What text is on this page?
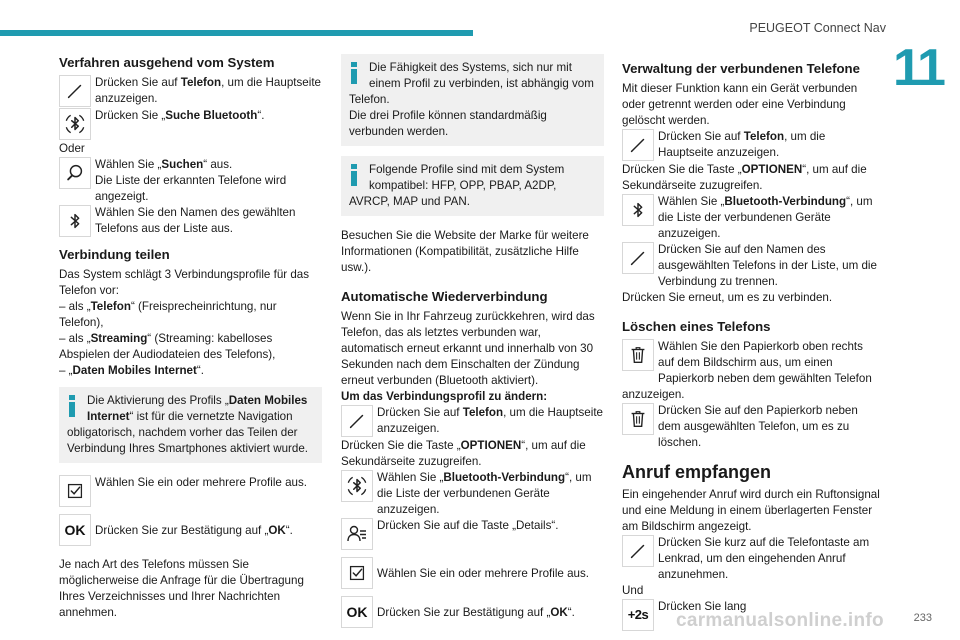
PEUGEOT Connect Nav
11
Verfahren ausgehend vom System
Drücken Sie auf Telefon, um die Hauptseite anzuzeigen.
Drücken Sie „Suche Bluetooth“.

Oder

Wählen Sie „Suchen“ aus.
Die Liste der erkannten Telefone wird angezeigt.
Wählen Sie den Namen des gewählten Telefons aus der Liste aus.
Verbindung teilen

Das System schlägt 3 Verbindungsprofile für das Telefon vor:

– als „Telefon“ (Freisprecheinrichtung, nur Telefon),

– als „Streaming“ (Streaming: kabelloses Abspielen der Audiodateien des Telefons),

– „Daten Mobiles Internet“.

Die Aktivierung des Profils „Daten Mobiles Internet“ ist für die vernetzte Navigation obligatorisch, nachdem vorher das Teilen der Verbindung Ihres Smartphones aktiviert wurde.
Wählen Sie ein oder mehrere Profile aus.
OK Drücken Sie zur Bestätigung auf „OK“.

Je nach Art des Telefons müssen Sie möglicherweise die Anfrage für die Übertragung Ihres Verzeichnisses und Ihrer Nachrichten annehmen.

Die Fähigkeit des Systems, sich nur mit einem Profil zu verbinden, ist abhängig vom Telefon.
Die drei Profile können standardmäßig verbunden werden.
Folgende Profile sind mit dem System kompatibel: HFP, OPP, PBAP, A2DP, AVRCP, MAP und PAN.

Besuchen Sie die Website der Marke für weitere Informationen (Kompatibilität, zusätzliche Hilfe usw.).

Automatische Wiederverbindung

Wenn Sie in Ihr Fahrzeug zurückkehren, wird das Telefon, das als letztes verbunden war, automatisch erneut erkannt und innerhalb von 30 Sekunden nach dem Einschalten der Zündung erneut verbunden (Bluetooth aktiviert).

Um das Verbindungsprofil zu ändern:

Drücken Sie auf Telefon, um die Hauptseite anzuzeigen.

Drücken Sie die Taste „OPTIONEN“, um auf die Sekundärseite zuzugreifen.

Wählen Sie „Bluetooth-Verbindung“, um die Liste der verbundenen Geräte anzuzeigen.
Drücken Sie auf die Taste „Details“.
Wählen Sie ein oder mehrere Profile aus.
OK Drücken Sie zur Bestätigung auf „OK“.
Verwaltung der verbundenen Telefone

Mit dieser Funktion kann ein Gerät verbunden oder getrennt werden oder eine Verbindung gelöscht werden.

Drücken Sie auf Telefon, um die Hauptseite anzuzeigen.

Drücken Sie die Taste „OPTIONEN“, um auf die Sekundärseite zuzugreifen.

Wählen Sie „Bluetooth-Verbindung“, um die Liste der verbundenen Geräte anzuzeigen.
Drücken Sie auf den Namen des ausgewählten Telefons in der Liste, um die Verbindung zu trennen.

Drücken Sie erneut, um es zu verbinden.

Löschen eines Telefons
Wählen Sie den Papierkorb oben rechts auf dem Bildschirm aus, um einen Papierkorb neben dem gewählten Telefon anzuzeigen.
Drücken Sie auf den Papierkorb neben dem ausgewählten Telefon, um es zu löschen.
Anruf empfangen

Ein eingehender Anruf wird durch ein Ruftonsignal und eine Meldung in einem überlagerten Fenster am Bildschirm angezeigt.

Drücken Sie kurz auf die Telefontaste am Lenkrad, um den eingehenden Anruf anzunehmen.

Und

+2s
Drücken Sie lang
carmanualsonline.info	233
